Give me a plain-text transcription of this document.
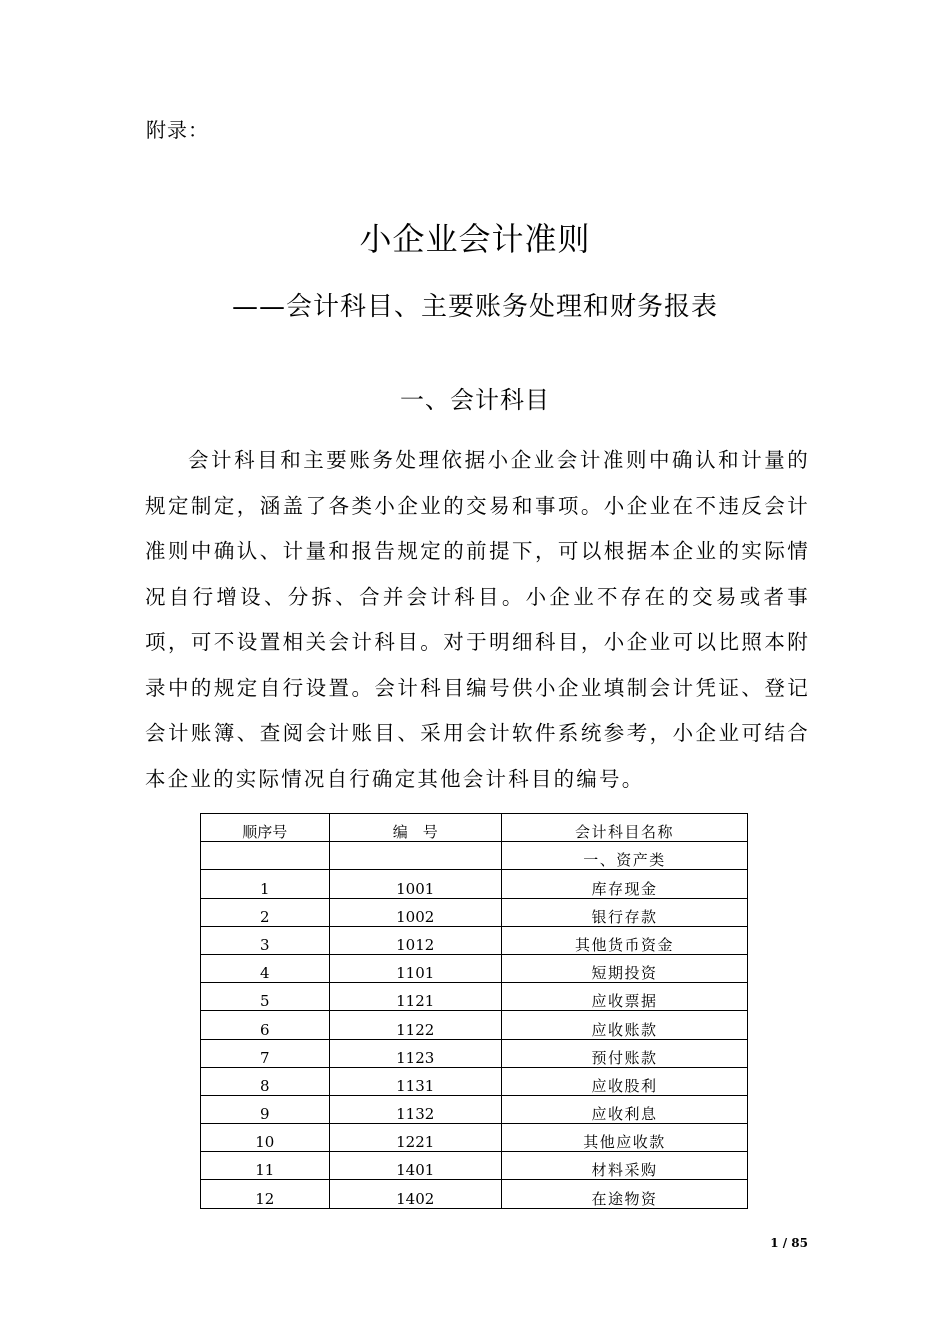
附录：
小企业会计准则
——会计科目、主要账务处理和财务报表
一、会计科目

会计科目和主要账务处理依据小企业会计准则中确认和计量的规定制定，涵盖了各类小企业的交易和事项。小企业在不违反会计准则中确认、计量和报告规定的前提下，可以根据本企业的实际情况自行增设、分拆、合并会计科目。小企业不存在的交易或者事项，可不设置相关会计科目。对于明细科目，小企业可以比照本附录中的规定自行设置。会计科目编号供小企业填制会计凭证、登记会计账簿、查阅会计账目、采用会计软件系统参考，小企业可结合本企业的实际情况自行确定其他会计科目的编号。

顺序号	编　号	会计科目名称
		一、资产类
1	1001	库存现金
2	1002	银行存款
3	1012	其他货币资金
4	1101	短期投资
5	1121	应收票据
6	1122	应收账款
7	1123	预付账款
8	1131	应收股利
9	1132	应收利息
10	1221	其他应收款
11	1401	材料采购
12	1402	在途物资
1 / 85
